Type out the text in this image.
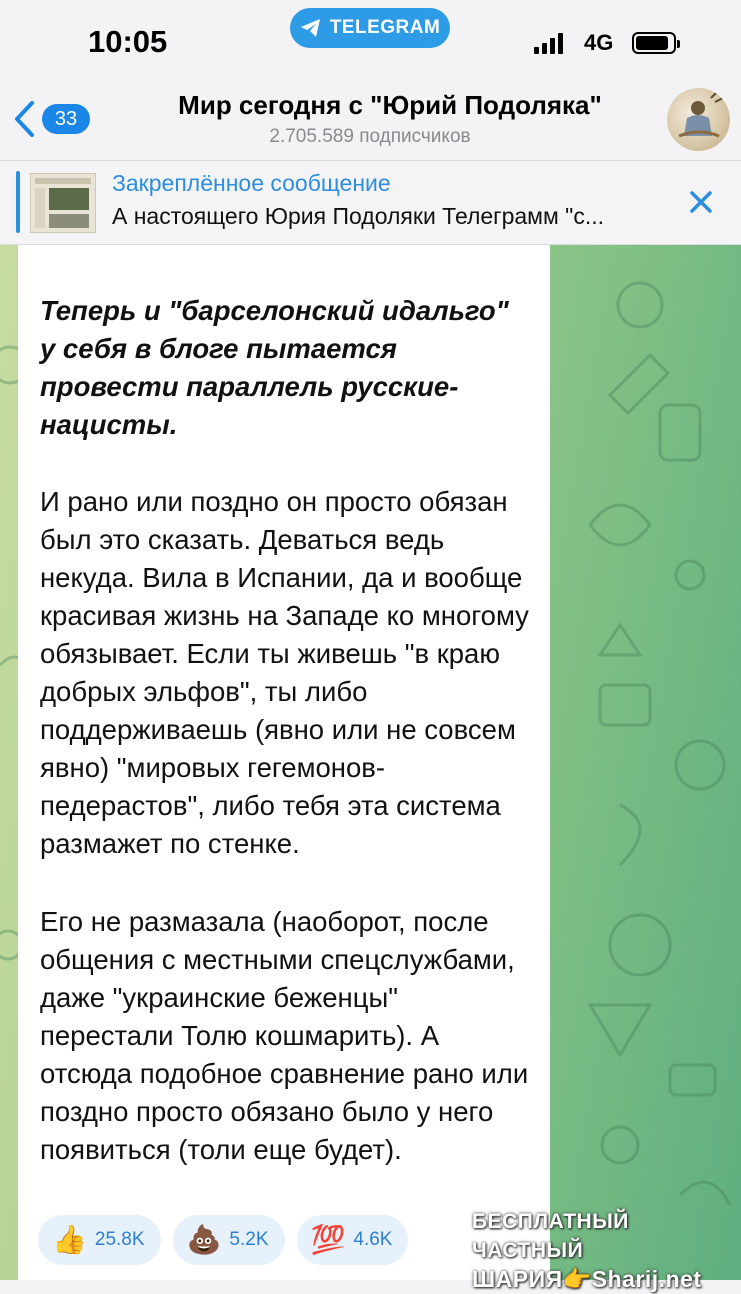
10:05	TELEGRAM
4G
33	Мир сегодня с "Юрий Подоляка"
2.705.589 подписчиков
Закреплённое сообщение
А настоящего Юрия Подоляки Телеграмм "с...
Теперь и "барселонский идальго" у себя в блоге пытается провести параллель русские-нацисты.
И рано или поздно он просто обязан был это сказать. Деваться ведь некуда. Вила в Испании, да и вообще красивая жизнь на Западе ко многому обязывает. Если ты живешь "в краю добрых эльфов", ты либо поддерживаешь (явно или не совсем явно) "мировых гегемонов-педерастов", либо тебя эта система размажет по стенке.
Его не размазала (наоборот, после общения с местными спецслужбами, даже "украинские беженцы" перестали Толю кошмарить). А отсюда подобное сравнение рано или поздно просто обязано было у него появиться (толи еще будет).
👍 25.8K 💩 5.2K 💯 4.6K
БЕСПЛАТНЫЙ ЧАСТНЫЙ
ШАРИЯ👉Sharij.net
